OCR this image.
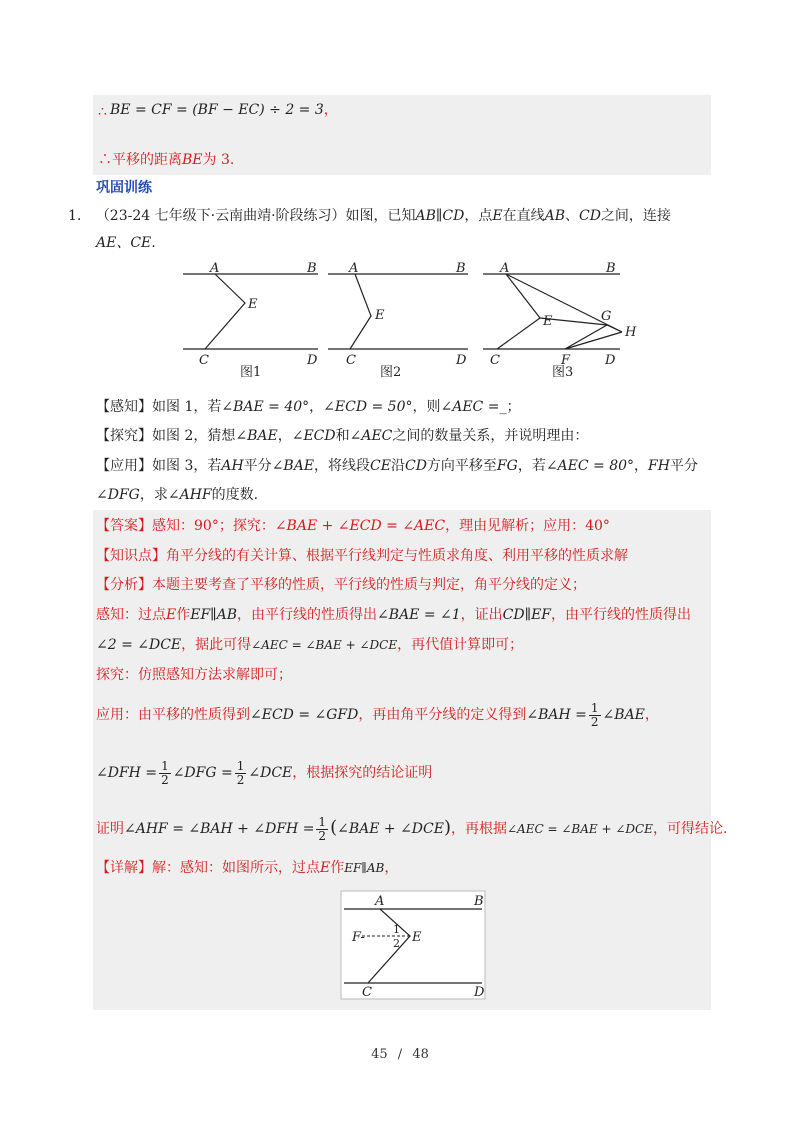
∴ BE = CF = (BF − EC) ÷ 2 = 3，
∴平移的距离BE为 3.
巩固训练
1. （23-24 七年级下·云南曲靖·阶段练习）如图，已知AB∥CD，点E在直线AB、CD之间，连接
AE、CE.
A	B
E
C	D
图1
A	B
E
C	D
图2
A	B
E	G
H
C	F	D
图3
【感知】如图 1，若∠BAE = 40°，∠ECD = 50°，则∠AEC =_；
【探究】如图 2，猜想∠BAE，∠ECD和∠AEC之间的数量关系，并说明理由：
【应用】如图 3，若AH平分∠BAE，将线段CE沿CD方向平移至FG，若∠AEC = 80°，FH平分
∠DFG，求∠AHF的度数.
【答案】感知：90°；探究：∠BAE + ∠ECD = ∠AEC，理由见解析；应用：40°
【知识点】角平分线的有关计算、根据平行线判定与性质求角度、利用平移的性质求解
【分析】本题主要考查了平移的性质，平行线的性质与判定，角平分线的定义；
感知：过点E作EF∥AB，由平行线的性质得出∠BAE = ∠1，证出CD∥EF，由平行线的性质得出
∠2 = ∠DCE，据此可得∠AEC = ∠BAE + ∠DCE，再代值计算即可；
探究：仿照感知方法求解即可；
应用：由平移的性质得到∠ECD = ∠GFD，再由角平分线的定义得到∠BAH = $\frac{1}{2}$ ∠BAE，
∠DFH = $\frac{1}{2}$ ∠DFG = $\frac{1}{2}$ ∠DCE，根据探究的结论证明
证明∠AHF = ∠BAH + ∠DFH = $\frac{1}{2}$ (∠BAE + ∠DCE)，再根据∠AEC = ∠BAE + ∠DCE，可得结论.
【详解】解：感知：如图所示，过点E作EF∥AB，
A	B
F-
1
2 E
C	D
45 / 48
